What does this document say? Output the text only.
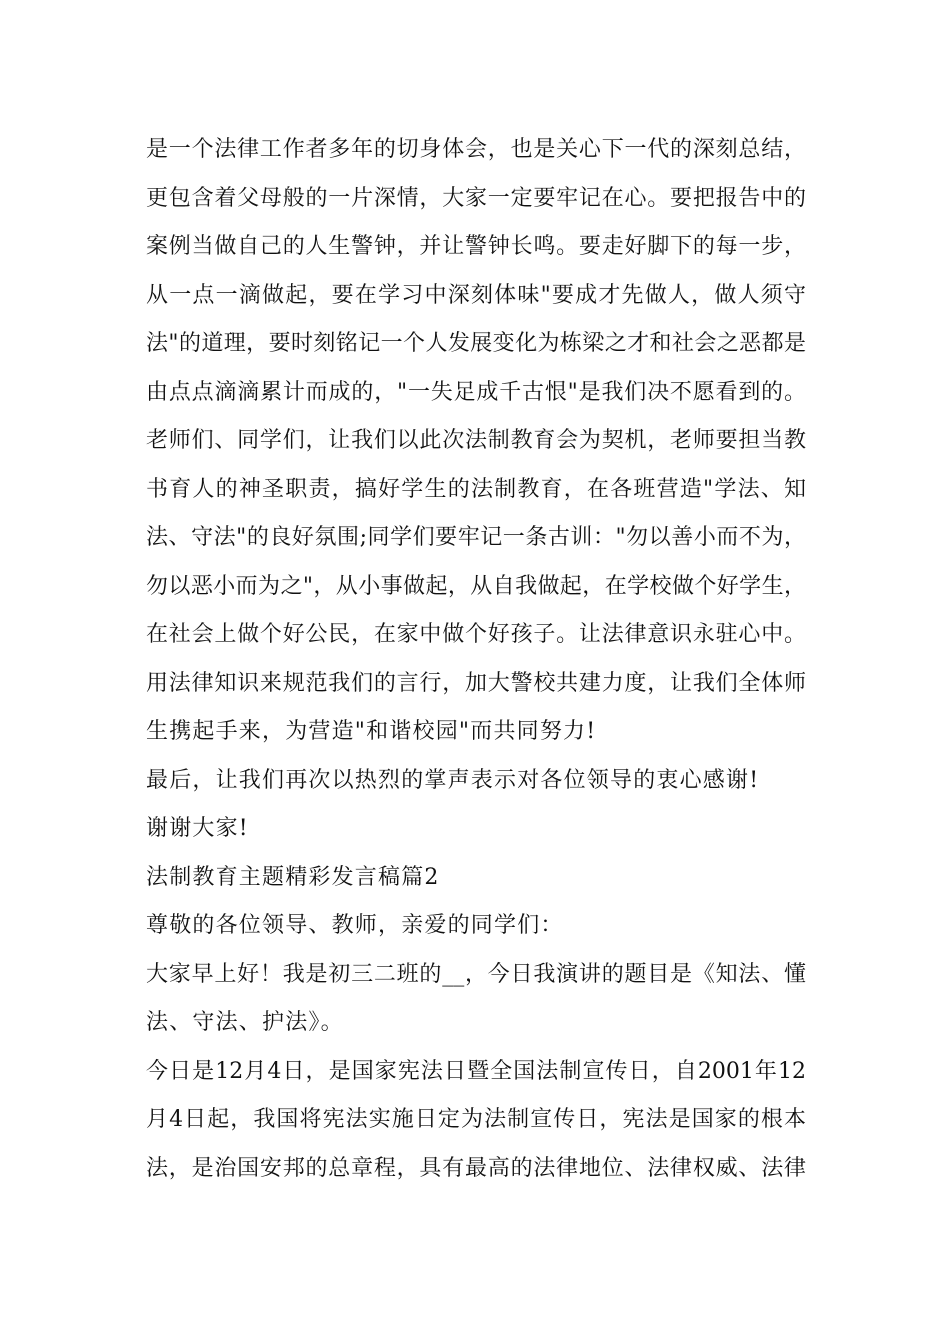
是一个法律工作者多年的切身体会，也是关心下一代的深刻总结，
更包含着父母般的一片深情，大家一定要牢记在心。要把报告中的
案例当做自己的人生警钟，并让警钟长鸣。要走好脚下的每一步，
从一点一滴做起，要在学习中深刻体味"要成才先做人，做人须守
法"的道理，要时刻铭记一个人发展变化为栋梁之才和社会之恶都是
由点点滴滴累计而成的，"一失足成千古恨"是我们决不愿看到的。
老师们、同学们，让我们以此次法制教育会为契机，老师要担当教
书育人的神圣职责，搞好学生的法制教育，在各班营造"学法、知
法、守法"的良好氛围;同学们要牢记一条古训："勿以善小而不为，
勿以恶小而为之"，从小事做起，从自我做起，在学校做个好学生，
在社会上做个好公民，在家中做个好孩子。让法律意识永驻心中。
用法律知识来规范我们的言行，加大警校共建力度，让我们全体师
生携起手来，为营造"和谐校园"而共同努力!
最后，让我们再次以热烈的掌声表示对各位领导的衷心感谢!
谢谢大家!
法制教育主题精彩发言稿篇2
尊敬的各位领导、教师，亲爱的同学们：
大家早上好！我是初三二班的__，今日我演讲的题目是《知法、懂
法、守法、护法》。
今日是12月4日，是国家宪法日暨全国法制宣传日，自2001年12
月4日起，我国将宪法实施日定为法制宣传日，宪法是国家的根本
法，是治国安邦的总章程，具有最高的法律地位、法律权威、法律
